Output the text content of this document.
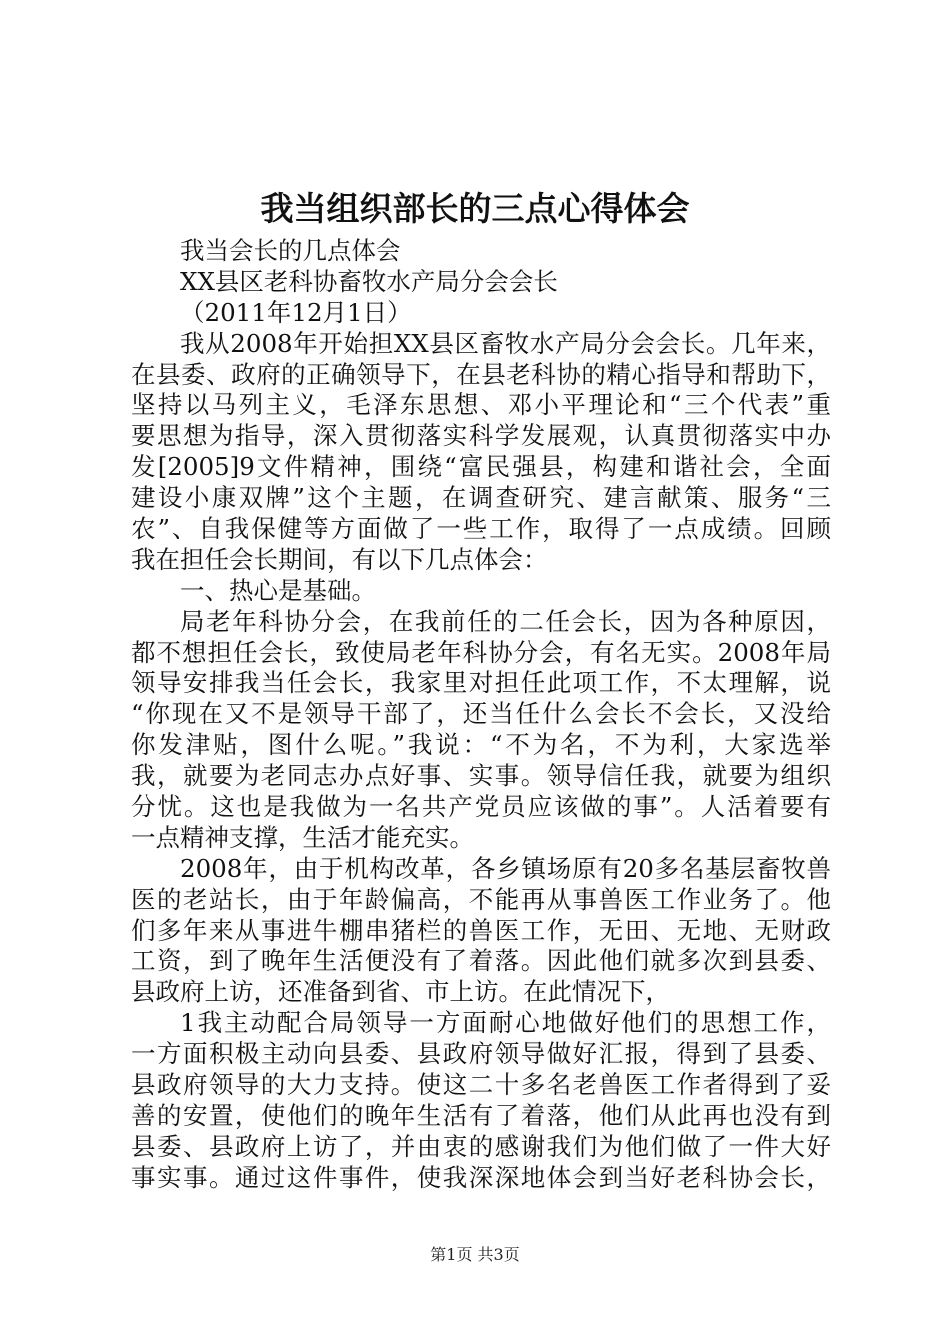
我当组织部长的三点心得体会
我当会长的几点体会
XX县区老科协畜牧水产局分会会长
（2011年12月1日）
我从2008年开始担XX县区畜牧水产局分会会长。几年来，
在县委、政府的正确领导下，在县老科协的精心指导和帮助下，
坚持以马列主义，毛泽东思想、邓小平理论和“三个代表”重
要思想为指导，深入贯彻落实科学发展观，认真贯彻落实中办
发[2005]9文件精神，围绕“富民强县，构建和谐社会，全面
建设小康双牌”这个主题，在调查研究、建言献策、服务“三
农”、自我保健等方面做了一些工作，取得了一点成绩。回顾
我在担任会长期间，有以下几点体会：
一、热心是基础。
局老年科协分会，在我前任的二任会长，因为各种原因，
都不想担任会长，致使局老年科协分会，有名无实。2008年局
领导安排我当任会长，我家里对担任此项工作，不太理解，说
“你现在又不是领导干部了，还当任什么会长不会长，又没给
你发津贴，图什么呢。”我说：“不为名，不为利，大家选举
我，就要为老同志办点好事、实事。领导信任我，就要为组织
分忧。这也是我做为一名共产党员应该做的事”。人活着要有
一点精神支撑，生活才能充实。
2008年，由于机构改革，各乡镇场原有20多名基层畜牧兽
医的老站长，由于年龄偏高，不能再从事兽医工作业务了。他
们多年来从事进牛棚串猪栏的兽医工作，无田、无地、无财政
工资，到了晚年生活便没有了着落。因此他们就多次到县委、
县政府上访，还准备到省、市上访。在此情况下，
1我主动配合局领导一方面耐心地做好他们的思想工作，
一方面积极主动向县委、县政府领导做好汇报，得到了县委、
县政府领导的大力支持。使这二十多名老兽医工作者得到了妥
善的安置，使他们的晚年生活有了着落，他们从此再也没有到
县委、县政府上访了，并由衷的感谢我们为他们做了一件大好
事实事。通过这件事件，使我深深地体会到当好老科协会长，
第1页 共3页
